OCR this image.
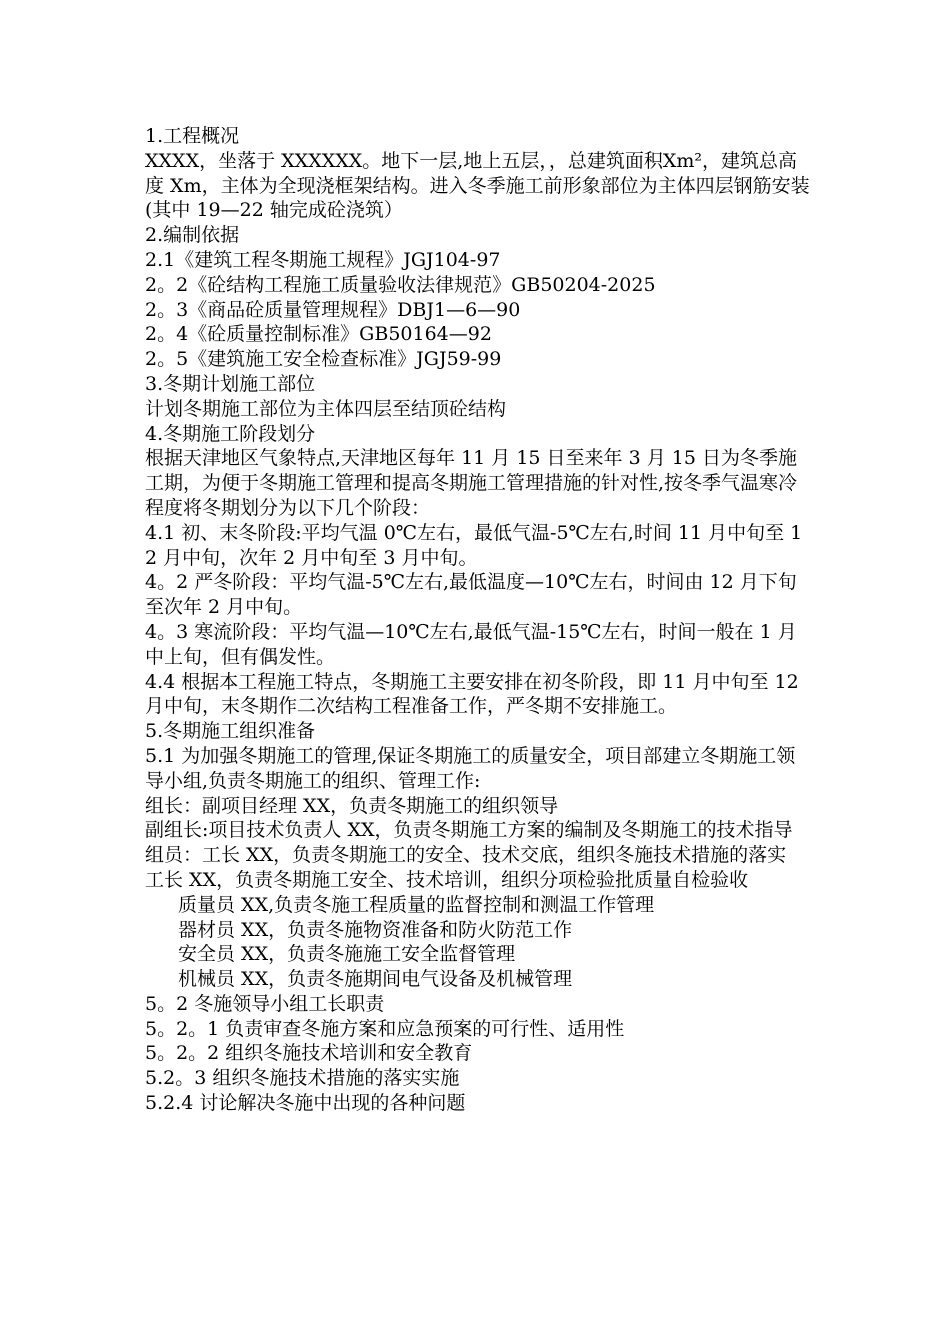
1.工程概况

XXXX，坐落于 XXXXXX。地下一层,地上五层，，总建筑面积Xm²，建筑总高度 Xm，主体为全现浇框架结构。进入冬季施工前形象部位为主体四层钢筋安装(其中 19—22 轴完成砼浇筑）

2.编制依据

2.1《建筑工程冬期施工规程》JGJ104-97

2。2《砼结构工程施工质量验收法律规范》GB50204-2025

2。3《商品砼质量管理规程》DBJ1—6—90

2。4《砼质量控制标准》GB50164—92

2。5《建筑施工安全检查标准》JGJ59-99

3.冬期计划施工部位

计划冬期施工部位为主体四层至结顶砼结构

4.冬期施工阶段划分

根据天津地区气象特点,天津地区每年 11 月 15 日至来年 3 月 15 日为冬季施工期，为便于冬期施工管理和提高冬期施工管理措施的针对性,按冬季气温寒冷程度将冬期划分为以下几个阶段：

4.1 初、末冬阶段:平均气温 0℃左右，最低气温-5℃左右,时间 11 月中旬至 12 月中旬，次年 2 月中旬至 3 月中旬。

4。2 严冬阶段：平均气温-5℃左右,最低温度—10℃左右，时间由 12 月下旬至次年 2 月中旬。

4。3 寒流阶段：平均气温—10℃左右,最低气温-15℃左右，时间一般在 1 月中上旬，但有偶发性。

4.4 根据本工程施工特点，冬期施工主要安排在初冬阶段，即 11 月中旬至 12 月中旬，末冬期作二次结构工程准备工作，严冬期不安排施工。

5.冬期施工组织准备

5.1 为加强冬期施工的管理,保证冬期施工的质量安全，项目部建立冬期施工领导小组,负责冬期施工的组织、管理工作:

组长：副项目经理 XX，负责冬期施工的组织领导

副组长:项目技术负责人 XX，负责冬期施工方案的编制及冬期施工的技术指导

组员：工长 XX，负责冬期施工的安全、技术交底，组织冬施技术措施的落实

工长 XX，负责冬期施工安全、技术培训，组织分项检验批质量自检验收

质量员 XX,负责冬施工程质量的监督控制和测温工作管理

器材员 XX，负责冬施物资准备和防火防范工作

安全员 XX，负责冬施施工安全监督管理

机械员 XX，负责冬施期间电气设备及机械管理

5。2 冬施领导小组工长职责

5。2。1 负责审查冬施方案和应急预案的可行性、适用性

5。2。2 组织冬施技术培训和安全教育

5.2。3 组织冬施技术措施的落实实施

5.2.4 讨论解决冬施中出现的各种问题
